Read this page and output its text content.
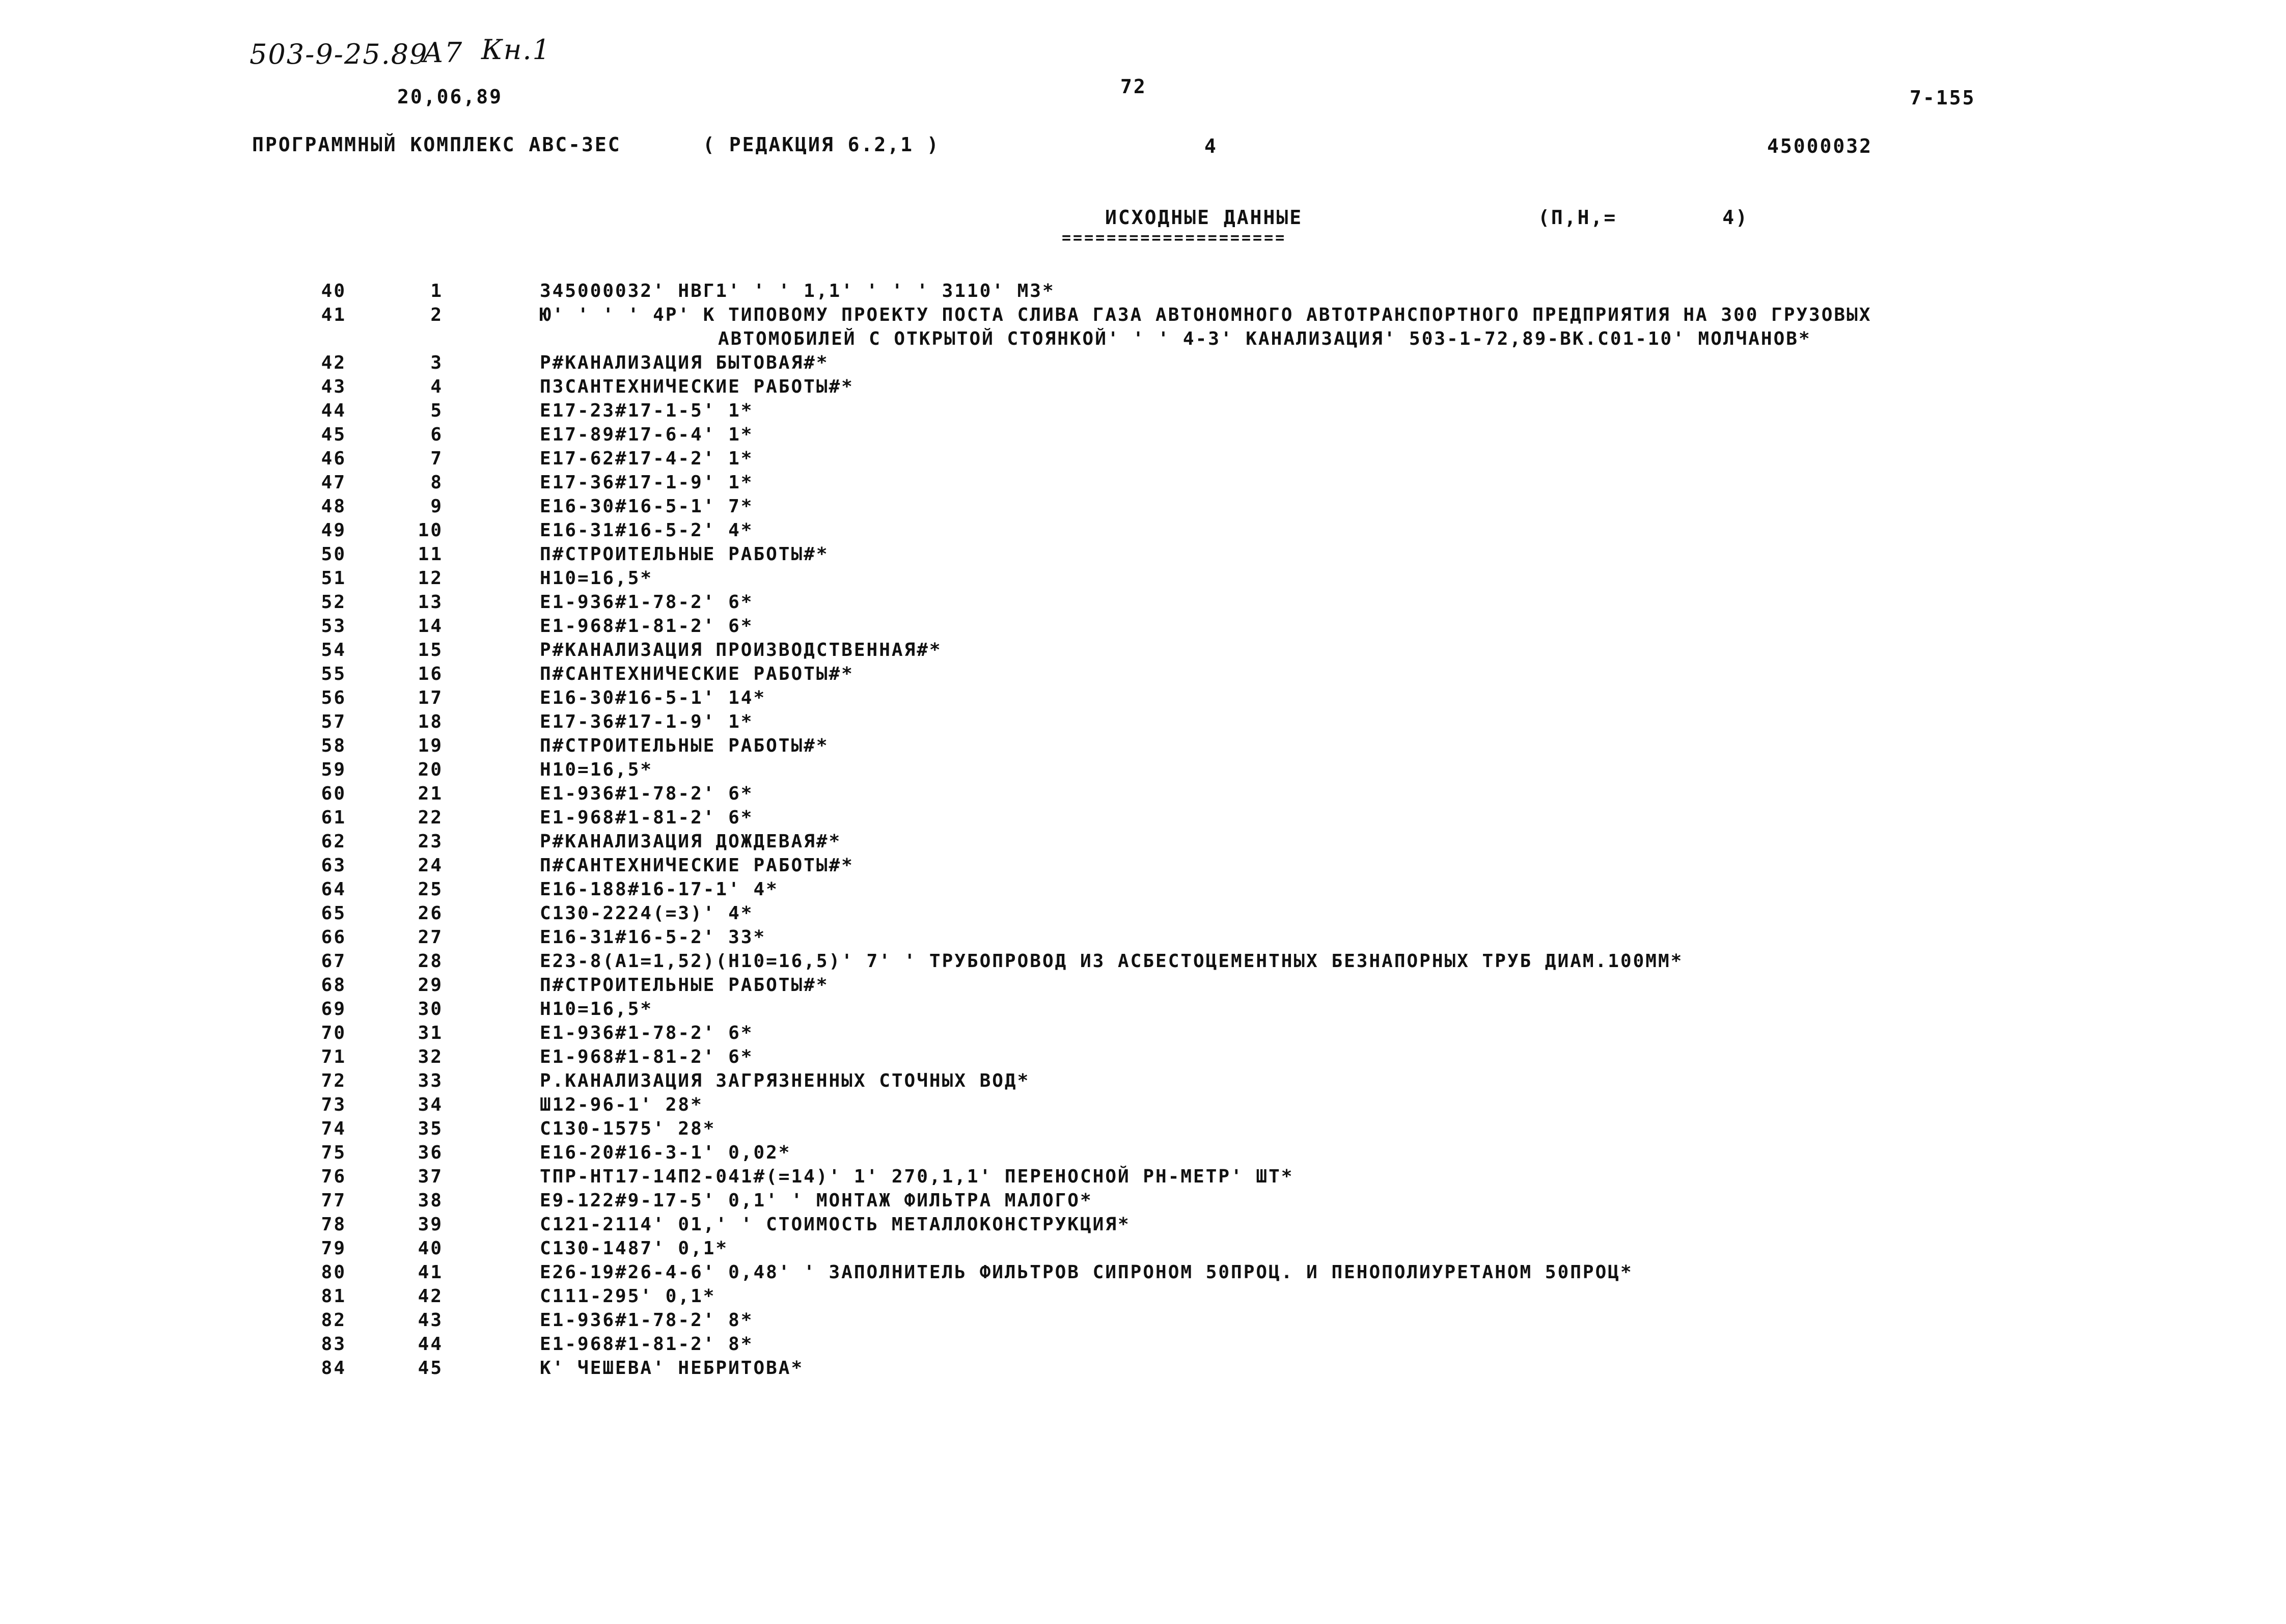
503-9-25.89
А7 Кн.1
20,06,89	72	7-155
ПРОГРАММНЫЙ КОМПЛЕКС АВС-ЗЕС	( РЕДАКЦИЯ 6.2,1 )	4	45000032
ИСХОДНЫЕ ДАННЫЕ
====================
(П,Н,=        4)
40	1	345000032' НВГ1' ' ' 1,1' ' ' ' 3110' МЗ*
41	2	Ю' ' ' ' 4Р' К ТИПОВОМУ ПРОЕКТУ ПОСТА СЛИВА ГАЗА АВТОНОМНОГО АВТОТРАНСПОРТНОГО ПРЕДПРИЯТИЯ НА 300 ГРУЗОВЫХ
АВТОМОБИЛЕЙ С ОТКРЫТОЙ СТОЯНКОЙ' ' ' 4-3' КАНАЛИЗАЦИЯ' 503-1-72,89-ВК.С01-10' МОЛЧАНОВ*
42	3	Р#КАНАЛИЗАЦИЯ БЫТОВАЯ#*
43	4	ПЗСАНТЕХНИЧЕСКИЕ РАБОТЫ#*
44	5	Е17-23#17-1-5' 1*
45	6	Е17-89#17-6-4' 1*
46	7	Е17-62#17-4-2' 1*
47	8	Е17-36#17-1-9' 1*
48	9	Е16-30#16-5-1' 7*
49	10	Е16-31#16-5-2' 4*
50	11	П#СТРОИТЕЛЬНЫЕ РАБОТЫ#*
51	12	Н10=16,5*
52	13	Е1-936#1-78-2' 6*
53	14	Е1-968#1-81-2' 6*
54	15	Р#КАНАЛИЗАЦИЯ ПРОИЗВОДСТВЕННАЯ#*
55	16	П#САНТЕХНИЧЕСКИЕ РАБОТЫ#*
56	17	Е16-30#16-5-1' 14*
57	18	Е17-36#17-1-9' 1*
58	19	П#СТРОИТЕЛЬНЫЕ РАБОТЫ#*
59	20	Н10=16,5*
60	21	Е1-936#1-78-2' 6*
61	22	Е1-968#1-81-2' 6*
62	23	Р#КАНАЛИЗАЦИЯ ДОЖДЕВАЯ#*
63	24	П#САНТЕХНИЧЕСКИЕ РАБОТЫ#*
64	25	Е16-188#16-17-1' 4*
65	26	С130-2224(=3)' 4*
66	27	Е16-31#16-5-2' 33*
67	28	Е23-8(А1=1,52)(Н10=16,5)' 7' ' ТРУБОПРОВОД ИЗ АСБЕСТОЦЕМЕНТНЫХ БЕЗНАПОРНЫХ ТРУБ ДИАМ.100ММ*
68	29	П#СТРОИТЕЛЬНЫЕ РАБОТЫ#*
69	30	Н10=16,5*
70	31	Е1-936#1-78-2' 6*
71	32	Е1-968#1-81-2' 6*
72	33	Р.КАНАЛИЗАЦИЯ ЗАГРЯЗНЕННЫХ СТОЧНЫХ ВОД*
73	34	Ш12-96-1' 28*
74	35	С130-1575' 28*
75	36	Е16-20#16-3-1' 0,02*
76	37	ТПР-НТ17-14П2-041#(=14)' 1' 270,1,1' ПЕРЕНОСНОЙ РН-МЕТР' ШТ*
77	38	Е9-122#9-17-5' 0,1' ' МОНТАЖ ФИЛЬТРА МАЛОГО*
78	39	С121-2114' 01,' ' СТОИМОСТЬ МЕТАЛЛОКОНСТРУКЦИЯ*
79	40	С130-1487' 0,1*
80	41	Е26-19#26-4-6' 0,48' ' ЗАПОЛНИТЕЛЬ ФИЛЬТРОВ СИПРОНОМ 50ПРОЦ. И ПЕНОПОЛИУРЕТАНОМ 50ПРОЦ*
81	42	С111-295' 0,1*
82	43	Е1-936#1-78-2' 8*
83	44	Е1-968#1-81-2' 8*
84	45	К' ЧЕШЕВА' НЕБРИТОВА*
